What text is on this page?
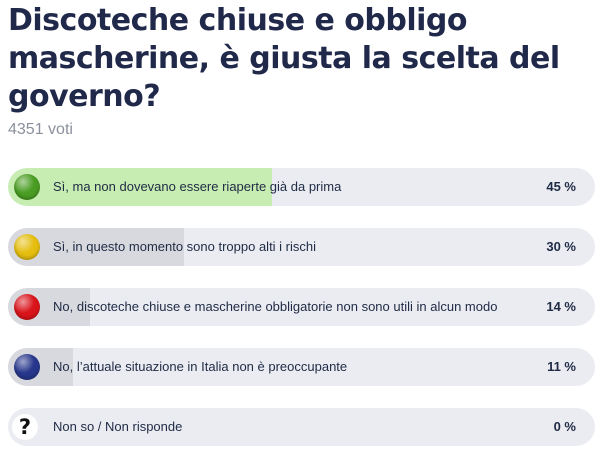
Discoteche chiuse e obbligo mascherine, è giusta la scelta del governo?
4351 voti
Sì, ma non dovevano essere riaperte già da prima	45 %
Sì, in questo momento sono troppo alti i rischi	30 %
No, discoteche chiuse e mascherine obbligatorie non sono utili in alcun modo	14 %
No, l’attuale situazione in Italia non è preoccupante	11 %
?	Non so / Non risponde	0 %
